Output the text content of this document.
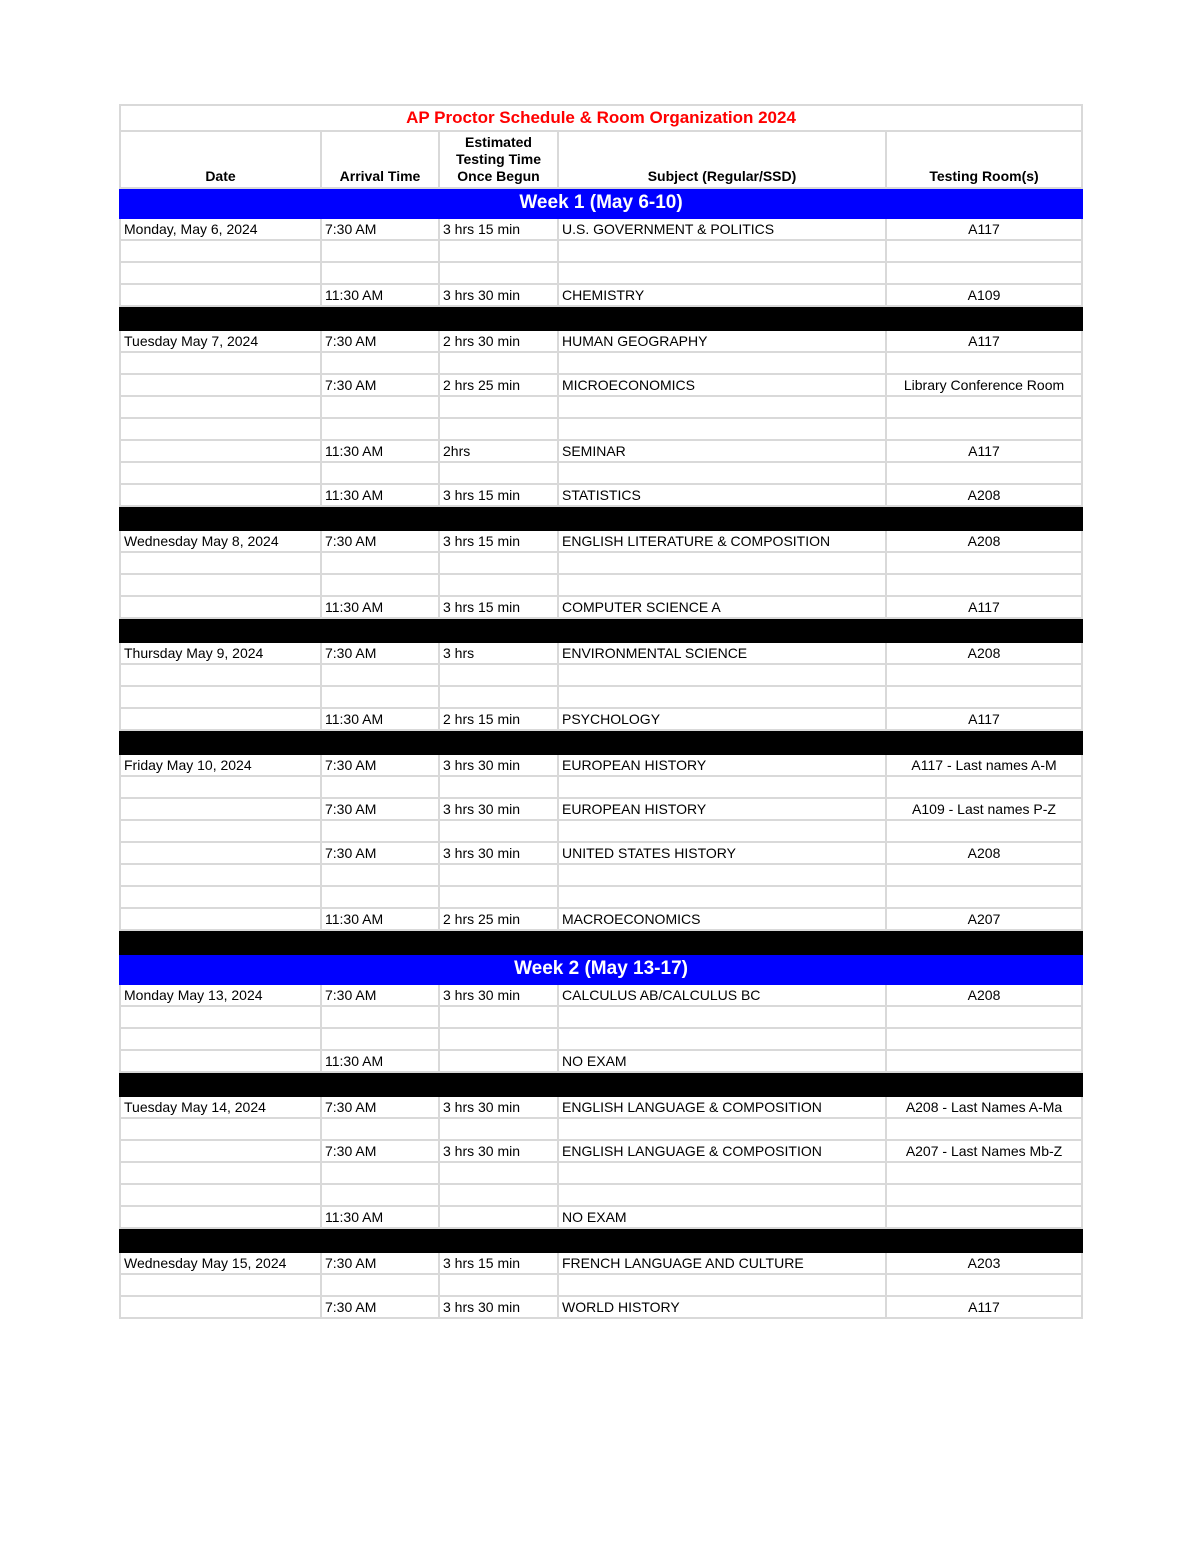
AP Proctor Schedule & Room Organization 2024				
Date	Arrival Time	Estimated Testing Time Once Begun	Subject (Regular/SSD)	Testing Room(s)
Week 1 (May 6-10)				
Monday, May 6, 2024	7:30 AM	3 hrs 15 min	U.S. GOVERNMENT & POLITICS	A117

	11:30 AM	3 hrs 30 min	CHEMISTRY	A109

Tuesday May 7, 2024	7:30 AM	2 hrs 30 min	HUMAN GEOGRAPHY	A117

	7:30 AM	2 hrs 25 min	MICROECONOMICS	Library Conference Room

	11:30 AM	2hrs	SEMINAR	A117

	11:30 AM	3 hrs 15 min	STATISTICS	A208

Wednesday May 8, 2024	7:30 AM	3 hrs 15 min	ENGLISH LITERATURE & COMPOSITION	A208

	11:30 AM	3 hrs 15 min	COMPUTER SCIENCE A	A117

Thursday May 9, 2024	7:30 AM	3 hrs	ENVIRONMENTAL SCIENCE	A208

	11:30 AM	2 hrs 15 min	PSYCHOLOGY	A117

Friday May 10, 2024	7:30 AM	3 hrs 30 min	EUROPEAN HISTORY	A117 - Last names A-M

	7:30 AM	3 hrs 30 min	EUROPEAN HISTORY	A109 - Last names P-Z

	7:30 AM	3 hrs 30 min	UNITED STATES HISTORY	A208

	11:30 AM	2 hrs 25 min	MACROECONOMICS	A207

Week 2 (May 13-17)				
Monday May 13, 2024	7:30 AM	3 hrs 30 min	CALCULUS AB/CALCULUS BC	A208

	11:30 AM		NO EXAM	

Tuesday May 14, 2024	7:30 AM	3 hrs 30 min	ENGLISH LANGUAGE & COMPOSITION	A208 - Last Names A-Ma

	7:30 AM	3 hrs 30 min	ENGLISH LANGUAGE & COMPOSITION	A207 - Last Names Mb-Z

	11:30 AM		NO EXAM	

Wednesday May 15, 2024	7:30 AM	3 hrs 15 min	FRENCH LANGUAGE AND CULTURE	A203

	7:30 AM	3 hrs 30 min	WORLD HISTORY	A117
